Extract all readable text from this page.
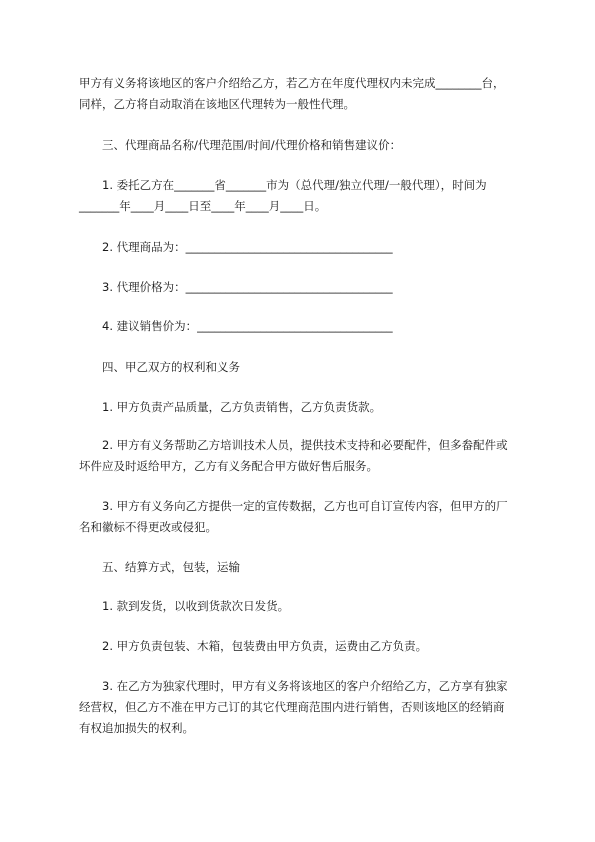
甲方有义务将该地区的客户介绍给乙方，若乙方在年度代理权内未完成________台，
同样，乙方将自动取消在该地区代理转为一般性代理。
三、代理商品名称/代理范围/时间/代理价格和销售建议价：
1. 委托乙方在_______省_______市为（总代理/独立代理/一般代理），时间为
_______年____月____日至____年____月____日。
2. 代理商品为：____________________________________
3. 代理价格为：____________________________________
4. 建议销售价为：__________________________________
四、甲乙双方的权利和义务
1. 甲方负责产品质量，乙方负责销售，乙方负责货款。
2. 甲方有义务帮助乙方培训技术人员，提供技术支持和必要配件，但多畚配件或
坏件应及时返给甲方，乙方有义务配合甲方做好售后服务。
3. 甲方有义务向乙方提供一定的宣传数据，乙方也可自订宣传内容，但甲方的厂
名和徽标不得更改或侵犯。
五、结算方式，包装，运输
1. 款到发货，以收到货款次日发货。
2. 甲方负责包装、木箱，包装费由甲方负责，运费由乙方负责。
3. 在乙方为独家代理时，甲方有义务将该地区的客户介绍给乙方，乙方享有独家
经营权，但乙方不准在甲方己订的其它代理商范围内进行销售，否则该地区的经销商
有权追加损失的权利。
